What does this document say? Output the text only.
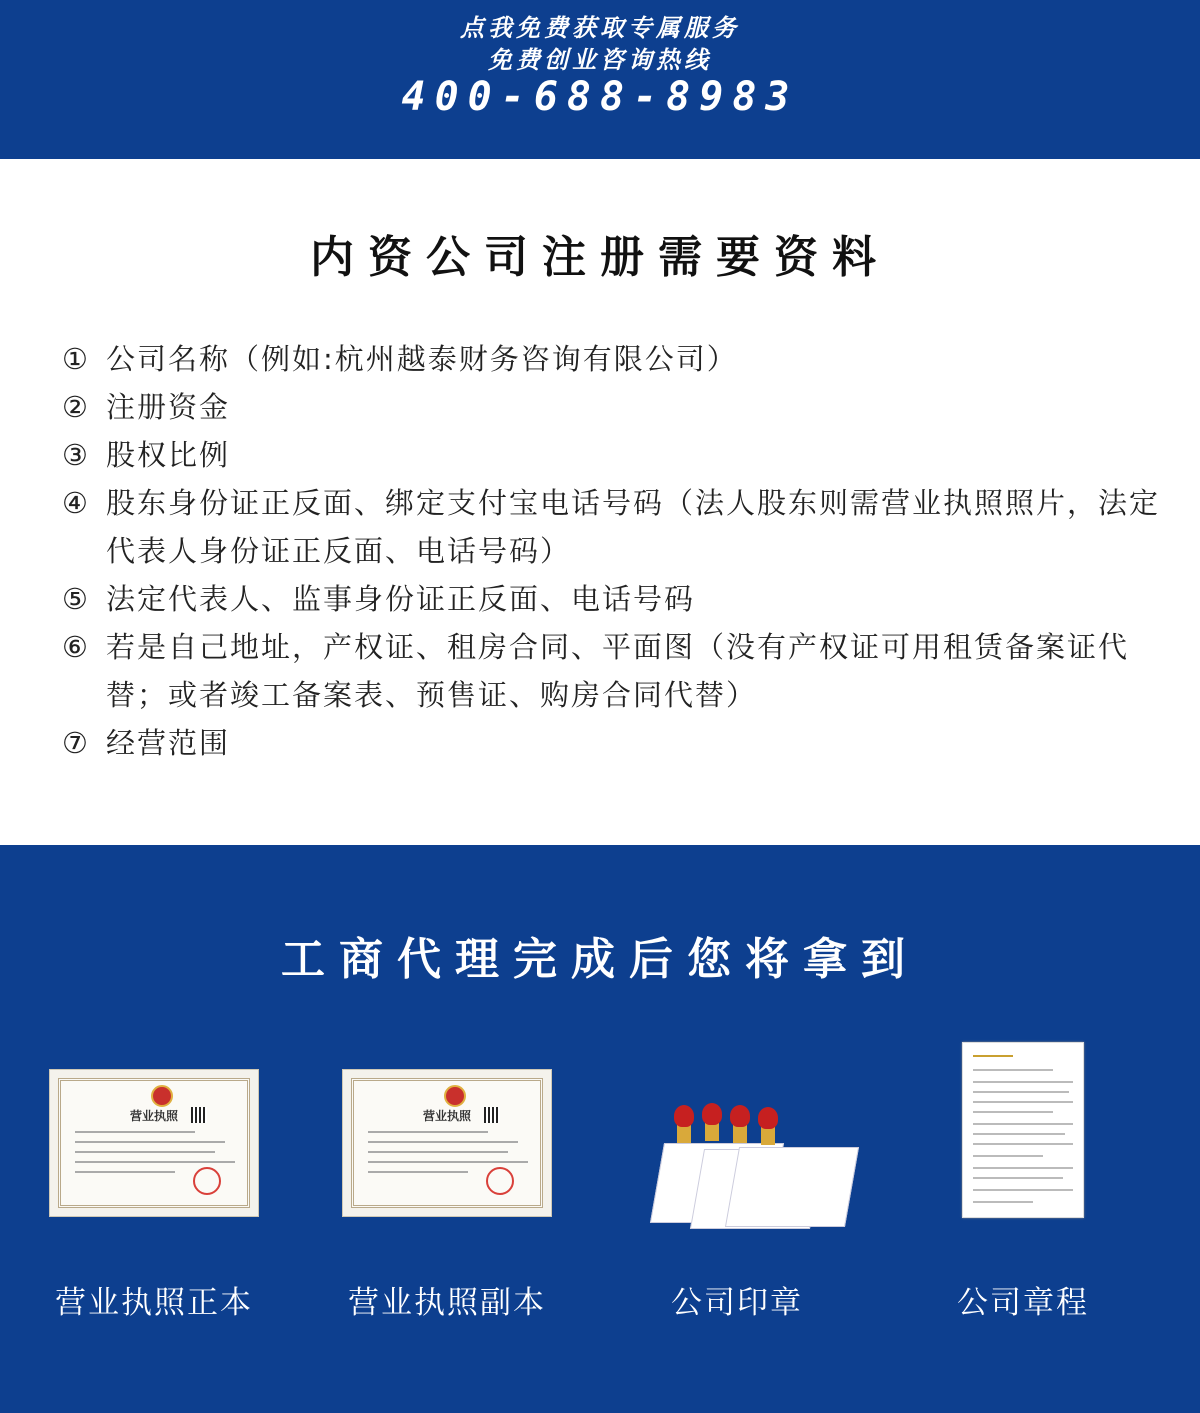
点我免费获取专属服务
免费创业咨询热线
400-688-8983
内资公司注册需要资料
① 公司名称（例如:杭州越泰财务咨询有限公司）
② 注册资金
③ 股权比例
④ 股东身份证正反面、绑定支付宝电话号码（法人股东则需营业执照照片，法定代表人身份证正反面、电话号码）
⑤ 法定代表人、监事身份证正反面、电话号码
⑥ 若是自己地址，产权证、租房合同、平面图（没有产权证可用租赁备案证代替；或者竣工备案表、预售证、购房合同代替）
⑦ 经营范围
工商代理完成后您将拿到
营业执照
营业执照正本
营业执照
营业执照副本	公司印章	公司章程
